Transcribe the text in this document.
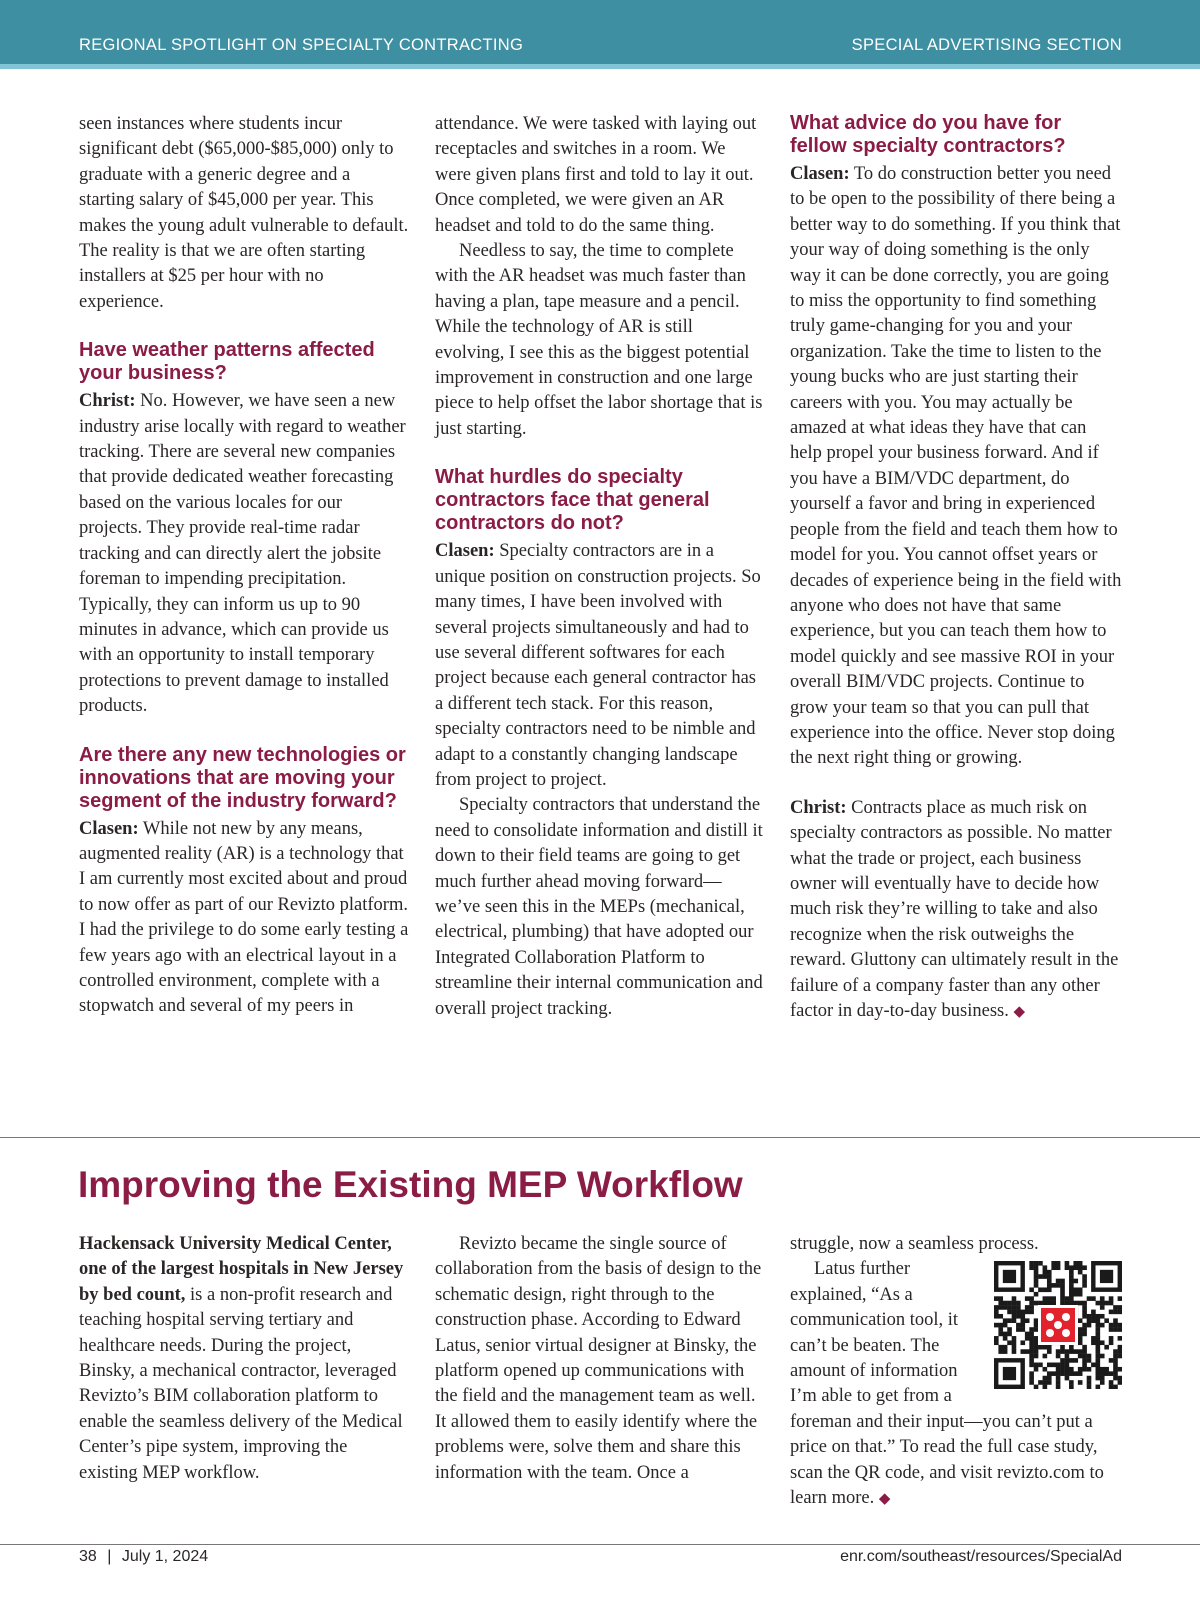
REGIONAL SPOTLIGHT ON SPECIALTY CONTRACTING	SPECIAL ADVERTISING SECTION

seen instances where students incur significant debt ($65,000-$85,000) only to graduate with a generic degree and a starting salary of $45,000 per year. This makes the young adult vulnerable to default. The reality is that we are often starting installers at $25 per hour with no experience.

Have weather patterns affected your business?

Christ: No. However, we have seen a new industry arise locally with regard to weather tracking. There are several new companies that provide dedicated weather forecasting based on the various locales for our projects. They provide real-time radar tracking and can directly alert the jobsite foreman to impending precipitation. Typically, they can inform us up to 90 minutes in advance, which can provide us with an opportunity to install temporary protections to prevent damage to installed products.

Are there any new technologies or innovations that are moving your segment of the industry forward?

Clasen: While not new by any means, augmented reality (AR) is a technology that I am currently most excited about and proud to now offer as part of our Revizto platform. I had the privilege to do some early testing a few years ago with an electrical layout in a controlled environment, complete with a stopwatch and several of my peers in

attendance. We were tasked with laying out receptacles and switches in a room. We were given plans first and told to lay it out. Once completed, we were given an AR headset and told to do the same thing.

Needless to say, the time to complete with the AR headset was much faster than having a plan, tape measure and a pencil. While the technology of AR is still evolving, I see this as the biggest potential improvement in construction and one large piece to help offset the labor shortage that is just starting.

What hurdles do specialty contractors face that general contractors do not?

Clasen: Specialty contractors are in a unique position on construction projects. So many times, I have been involved with several projects simultaneously and had to use several different softwares for each project because each general contractor has a different tech stack. For this reason, specialty contractors need to be nimble and adapt to a constantly changing landscape from project to project.

Specialty contractors that understand the need to consolidate information and distill it down to their field teams are going to get much further ahead moving forward—we’ve seen this in the MEPs (mechanical, electrical, plumbing) that have adopted our Integrated Collaboration Platform to streamline their internal communication and overall project tracking.

What advice do you have for fellow specialty contractors?

Clasen: To do construction better you need to be open to the possibility of there being a better way to do something. If you think that your way of doing something is the only way it can be done correctly, you are going to miss the opportunity to find something truly game-changing for you and your organization. Take the time to listen to the young bucks who are just starting their careers with you. You may actually be amazed at what ideas they have that can help propel your business forward. And if you have a BIM/VDC department, do yourself a favor and bring in experienced people from the field and teach them how to model for you. You cannot offset years or decades of experience being in the field with anyone who does not have that same experience, but you can teach them how to model quickly and see massive ROI in your overall BIM/VDC projects. Continue to grow your team so that you can pull that experience into the office. Never stop doing the next right thing or growing.

Christ: Contracts place as much risk on specialty contractors as possible. No matter what the trade or project, each business owner will eventually have to decide how much risk they’re willing to take and also recognize when the risk outweighs the reward. Gluttony can ultimately result in the failure of a company faster than any other factor in day-to-day business. ◆

Improving the Existing MEP Workflow

Hackensack University Medical Center, one of the largest hospitals in New Jersey by bed count, is a non-profit research and teaching hospital serving tertiary and healthcare needs. During the project, Binsky, a mechanical contractor, leveraged Revizto’s BIM collaboration platform to enable the seamless delivery of the Medical Center’s pipe system, improving the existing MEP workflow.

Revizto became the single source of collaboration from the basis of design to the schematic design, right through to the construction phase. According to Edward Latus, senior virtual designer at Binsky, the platform opened up communications with the field and the management team as well. It allowed them to easily identify where the problems were, solve them and share this information with the team. Once a

struggle, now a seamless process.

Latus further explained, “As a communication tool, it can’t be beaten. The amount of information I’m able to get from a foreman and their input—you can’t put a price on that.” To read the full case study, scan the QR code, and visit revizto.com to learn more. ◆

38 | July 1, 2024	enr.com/southeast/resources/SpecialAd
